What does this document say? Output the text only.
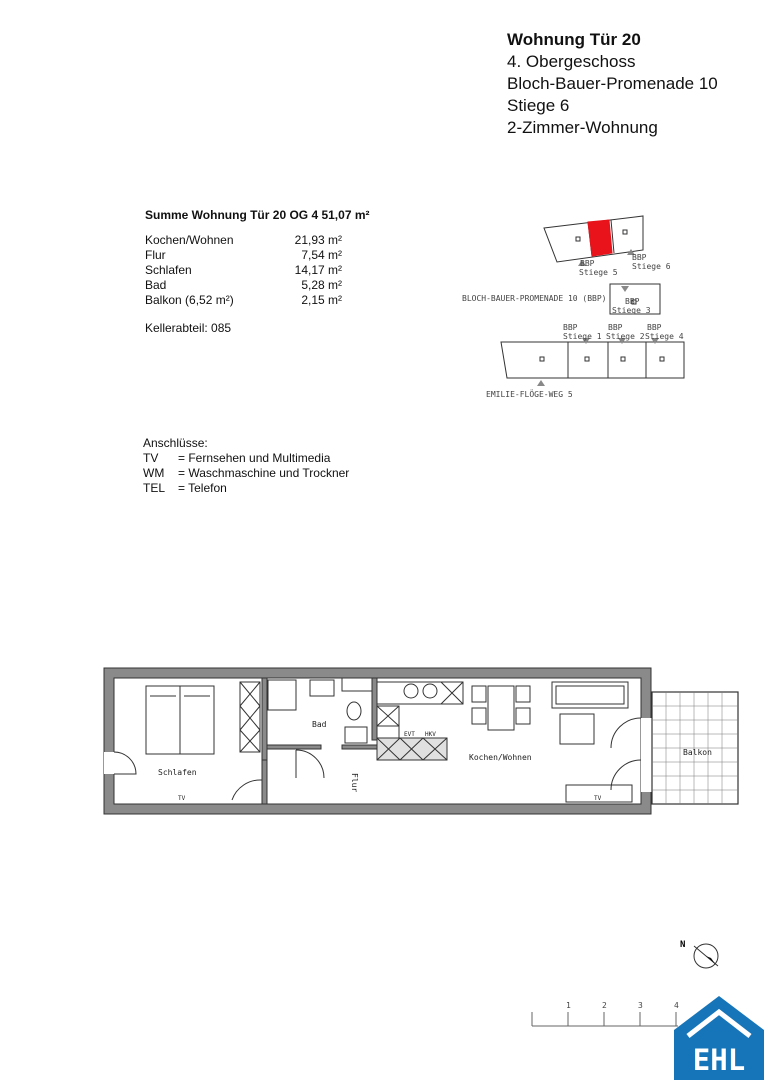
Wohnung Tür 20
4. Obergeschoss
Bloch-Bauer-Promenade 10
Stiege 6
2-Zimmer-Wohnung
Summe Wohnung Tür 20 OG 4 51,07 m²
Kochen/Wohnen	21,93 m²
Flur	7,54 m²
Schlafen	14,17 m²
Bad	5,28 m²
Balkon (6,52 m²)	2,15 m²
Kellerabteil: 085
Anschlüsse:
TV = Fernsehen und Multimedia
WM = Waschmaschine und Trockner
TEL = Telefon
BBP
Stiege 5
BBP
Stiege 6
BLOCH-BAUER-PROMENADE 10 (BBP) BBP
Stiege 3
BBP
Stiege 1
BBP
Stiege 2
BBP
Stiege 4
EMILIE-FLÖGE-WEG 5
Schlafen
Bad
Flur
Kochen/Wohnen
Balkon
EVT HKV
TV	TV
N
1	2	3	4
EHL
